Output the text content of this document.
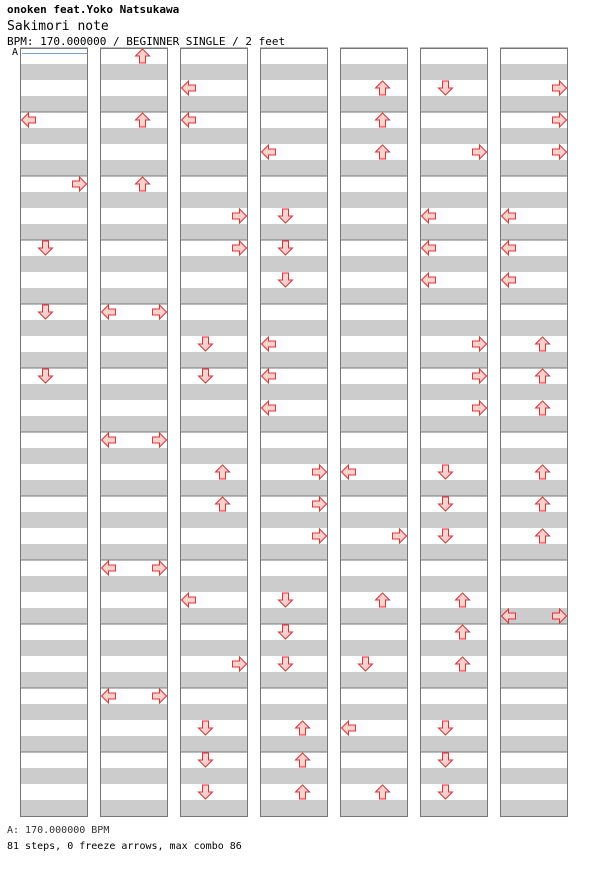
onoken feat.Yoko Natsukawa
Sakimori note
BPM: 170.000000 / BEGINNER SINGLE / 2 feet
A
A: 170.000000 BPM
81 steps, 0 freeze arrows, max combo 86
